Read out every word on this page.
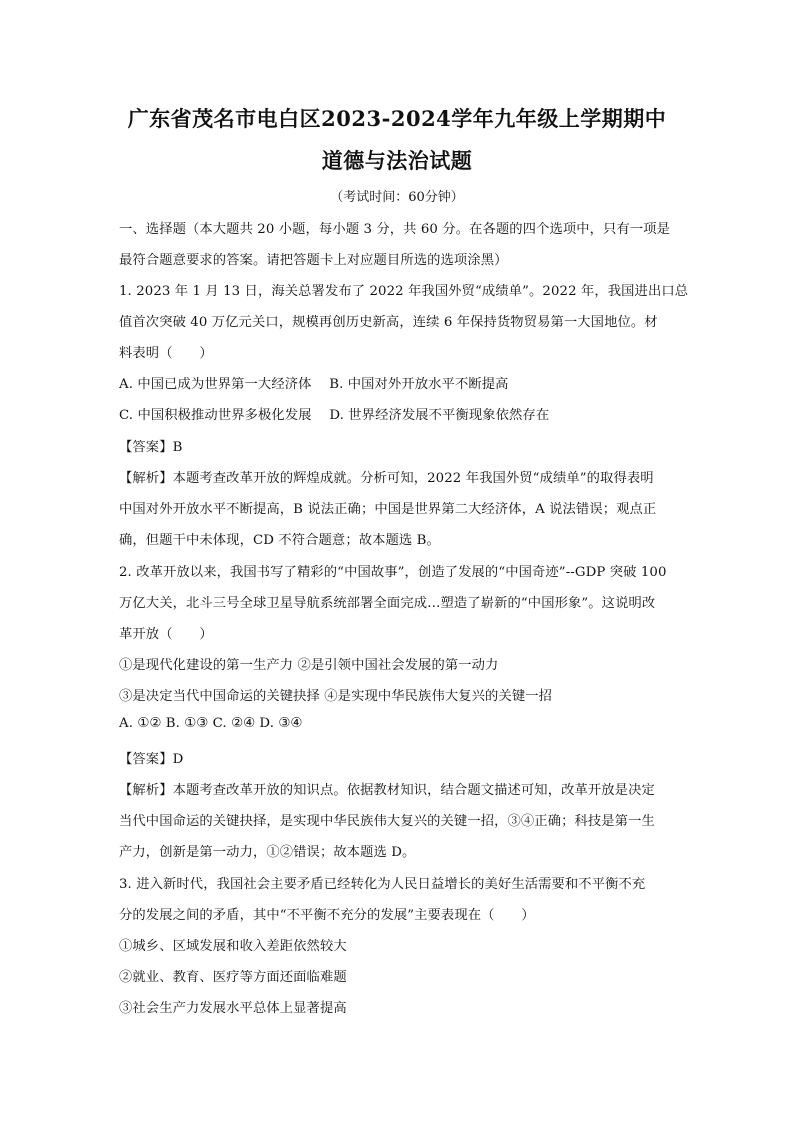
广东省茂名市电白区2023-2024学年九年级上学期期中
道德与法治试题
（考试时间：60分钟）
一、选择题（本大题共 20 小题，每小题 3 分，共 60 分。在各题的四个选项中，只有一项是
最符合题意要求的答案。请把答题卡上对应题目所选的选项涂黑）
1. 2023 年 1 月 13 日，海关总署发布了 2022 年我国外贸“成绩单”。2022 年，我国进出口总
值首次突破 40 万亿元关口，规模再创历史新高，连续 6 年保持货物贸易第一大国地位。材
料表明（　　）
A. 中国已成为世界第一大经济体　 B. 中国对外开放水平不断提高
C. 中国积极推动世界多极化发展　 D. 世界经济发展不平衡现象依然存在
【答案】B
【解析】本题考查改革开放的辉煌成就。分析可知，2022 年我国外贸“成绩单”的取得表明
中国对外开放水平不断提高，B 说法正确；中国是世界第二大经济体，A 说法错误；观点正
确，但题干中未体现，CD 不符合题意；故本题选 B。
2. 改革开放以来，我国书写了精彩的“中国故事”，创造了发展的“中国奇迹”--GDP 突破 100
万亿大关，北斗三号全球卫星导航系统部署全面完成…塑造了崭新的“中国形象”。这说明改
革开放（　　）
①是现代化建设的第一生产力 ②是引领中国社会发展的第一动力
③是决定当代中国命运的关键抉择 ④是实现中华民族伟大复兴的关键一招
A. ①② B. ①③ C. ②④ D. ③④
【答案】D
【解析】本题考查改革开放的知识点。依据教材知识，结合题文描述可知，改革开放是决定
当代中国命运的关键抉择，是实现中华民族伟大复兴的关键一招，③④正确；科技是第一生
产力，创新是第一动力，①②错误；故本题选 D。
3. 进入新时代，我国社会主要矛盾已经转化为人民日益增长的美好生活需要和不平衡不充
分的发展之间的矛盾，其中“不平衡不充分的发展”主要表现在（　　）
①城乡、区域发展和收入差距依然较大
②就业、教育、医疗等方面还面临难题
③社会生产力发展水平总体上显著提高
